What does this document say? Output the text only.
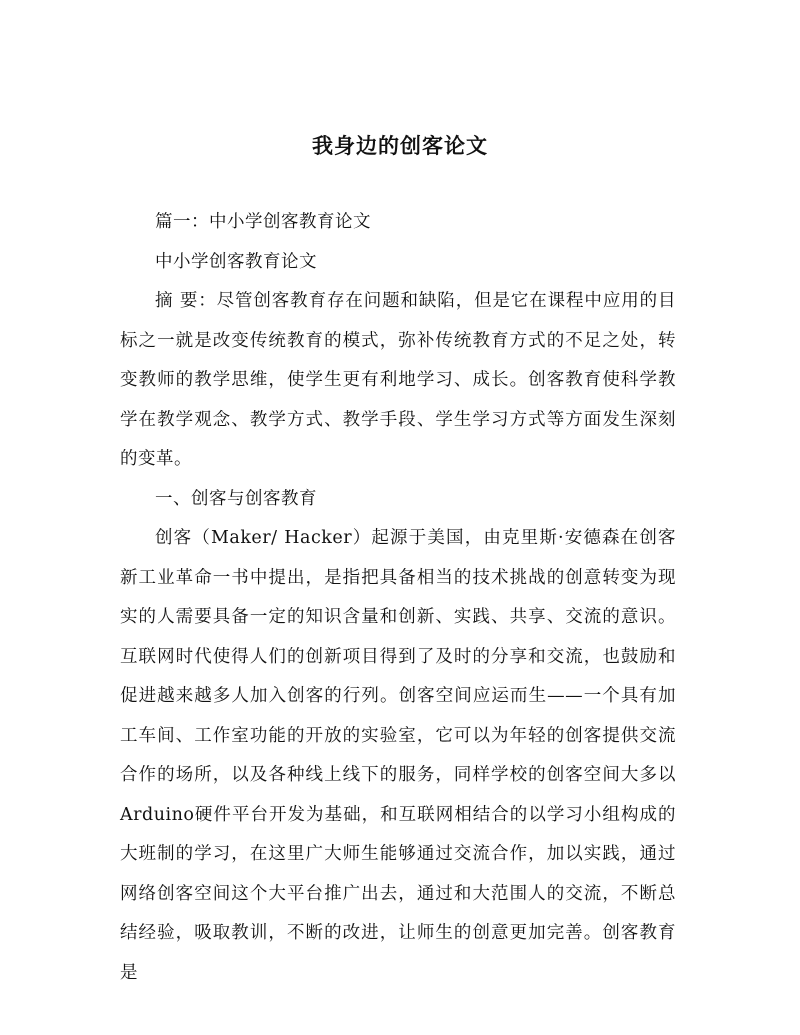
我身边的创客论文

篇一：中小学创客教育论文

中小学创客教育论文

摘 要：尽管创客教育存在问题和缺陷，但是它在课程中应用的目标之一就是改变传统教育的模式，弥补传统教育方式的不足之处，转变教师的教学思维，使学生更有利地学习、成长。创客教育使科学教学在教学观念、教学方式、教学手段、学生学习方式等方面发生深刻的变革。

一、创客与创客教育

创客（Maker/ Hacker）起源于美国，由克里斯·安德森在创客新工业革命一书中提出，是指把具备相当的技术挑战的创意转变为现实的人需要具备一定的知识含量和创新、实践、共享、交流的意识。互联网时代使得人们的创新项目得到了及时的分享和交流，也鼓励和促进越来越多人加入创客的行列。创客空间应运而生——一个具有加工车间、工作室功能的开放的实验室，它可以为年轻的创客提供交流合作的场所，以及各种线上线下的服务，同样学校的创客空间大多以Arduino硬件平台开发为基础，和互联网相结合的以学习小组构成的大班制的学习，在这里广大师生能够通过交流合作，加以实践，通过网络创客空间这个大平台推广出去，通过和大范围人的交流，不断总结经验，吸取教训，不断的改进，让师生的创意更加完善。创客教育是
